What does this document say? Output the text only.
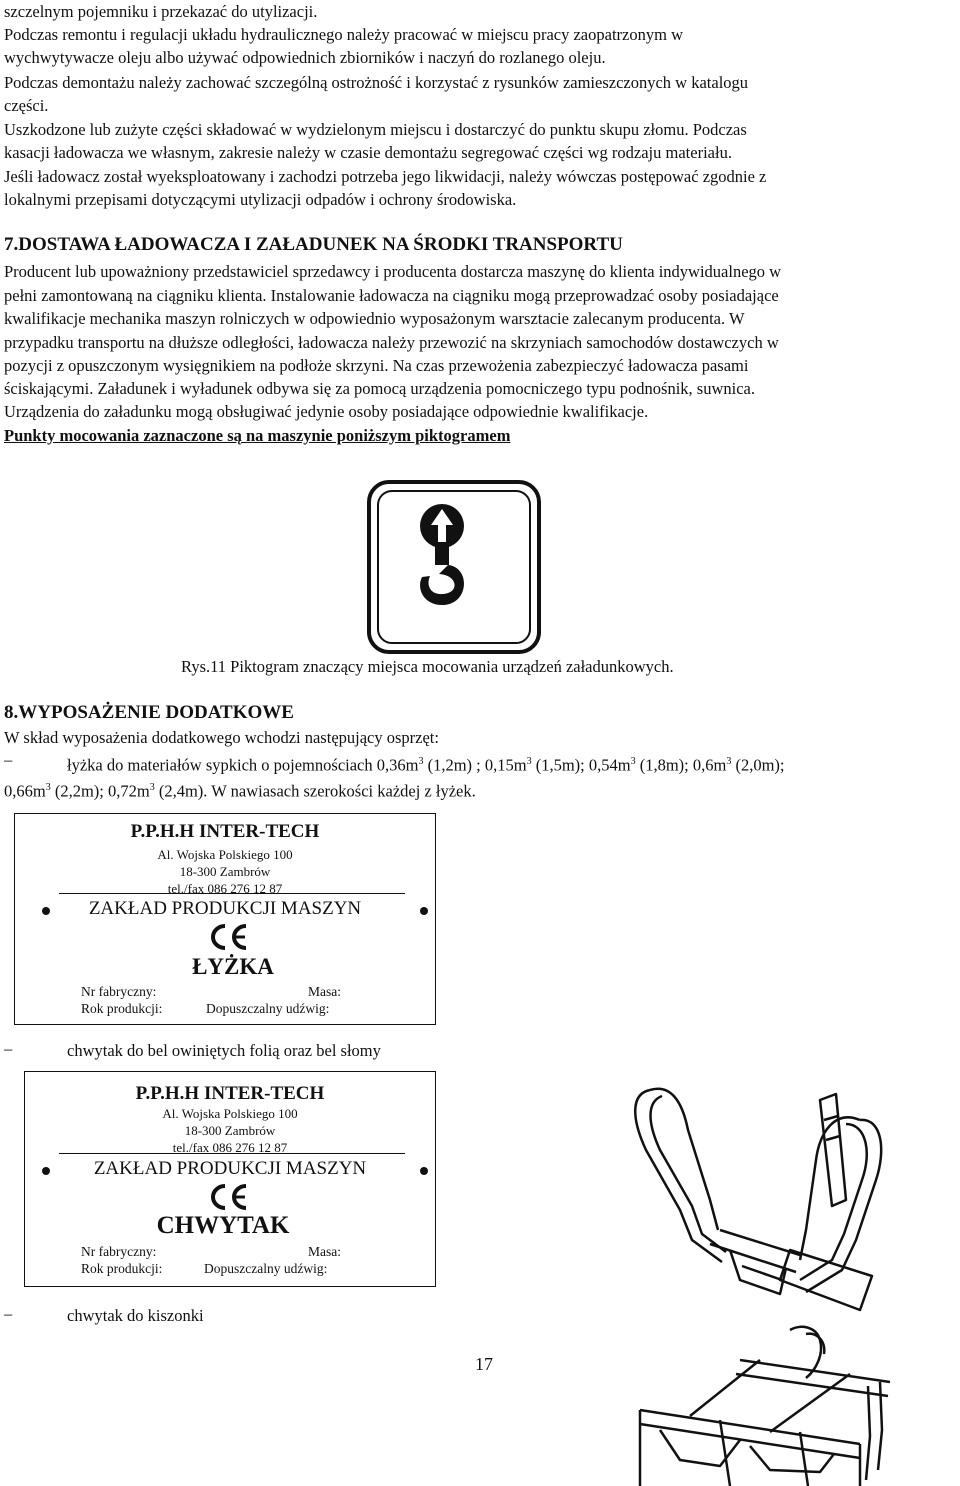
szczelnym pojemniku i przekazać do utylizacji.
Podczas remontu i regulacji układu hydraulicznego należy pracować w miejscu pracy zaopatrzonym w
wychwytywacze oleju albo używać odpowiednich zbiorników i naczyń do rozlanego oleju.
Podczas demontażu należy zachować szczególną ostrożność i korzystać z rysunków zamieszczonych w katalogu
części.
Uszkodzone lub zużyte części składować w wydzielonym miejscu i dostarczyć do punktu skupu złomu. Podczas
kasacji ładowacza we własnym, zakresie należy w czasie demontażu segregować części wg rodzaju materiału.
Jeśli ładowacz został wyeksploatowany i zachodzi potrzeba jego likwidacji, należy wówczas postępować zgodnie z
lokalnymi przepisami dotyczącymi utylizacji odpadów i ochrony środowiska.
7.DOSTAWA ŁADOWACZA I ZAŁADUNEK NA ŚRODKI TRANSPORTU
Producent lub upoważniony przedstawiciel sprzedawcy i producenta dostarcza maszynę do klienta indywidualnego w
pełni zamontowaną na ciągniku klienta. Instalowanie ładowacza na ciągniku mogą przeprowadzać osoby posiadające
kwalifikacje mechanika maszyn rolniczych w odpowiednio wyposażonym warsztacie zalecanym producenta. W
przypadku transportu na dłuższe odległości, ładowacza należy przewozić na skrzyniach samochodów dostawczych w
pozycji z opuszczonym wysięgnikiem na podłoże skrzyni. Na czas przewożenia zabezpieczyć ładowacza pasami
ściskającymi. Załadunek i wyładunek odbywa się za pomocą urządzenia pomocniczego typu podnośnik, suwnica.
Urządzenia do załadunku mogą obsługiwać jedynie osoby posiadające odpowiednie kwalifikacje.
Punkty mocowania zaznaczone są na maszynie poniższym piktogramem
Rys.11 Piktogram znaczący miejsca mocowania urządzeń załadunkowych.
8.WYPOSAŻENIE DODATKOWE
W skład wyposażenia dodatkowego wchodzi następujący osprzęt:
–	łyżka do materiałów sypkich o pojemnościach $0,36m^3$ (1,2m) ; $0,15m^3$ (1,5m); $0,54m^3$ (1,8m); $0,6m^3$ (2,0m);
$0,66m^3$ (2,2m); $0,72m^3$ (2,4m). W nawiasach szerokości każdej z łyżek.
P.P.H.H INTER-TECH
Al. Wojska Polskiego 100
18-300 Zambrów
tel./fax 086 276 12 87
ZAKŁAD PRODUKCJI MASZYN
ŁYŻKA
Nr fabryczny:	Masa:
Rok produkcji:	Dopuszczalny udźwig:
–	chwytak do bel owiniętych folią oraz bel słomy
P.P.H.H INTER-TECH
Al. Wojska Polskiego 100
18-300 Zambrów
tel./fax 086 276 12 87
ZAKŁAD PRODUKCJI MASZYN
CHWYTAK
Nr fabryczny:	Masa:
Rok produkcji:	Dopuszczalny udźwig:
–	chwytak do kiszonki
17
